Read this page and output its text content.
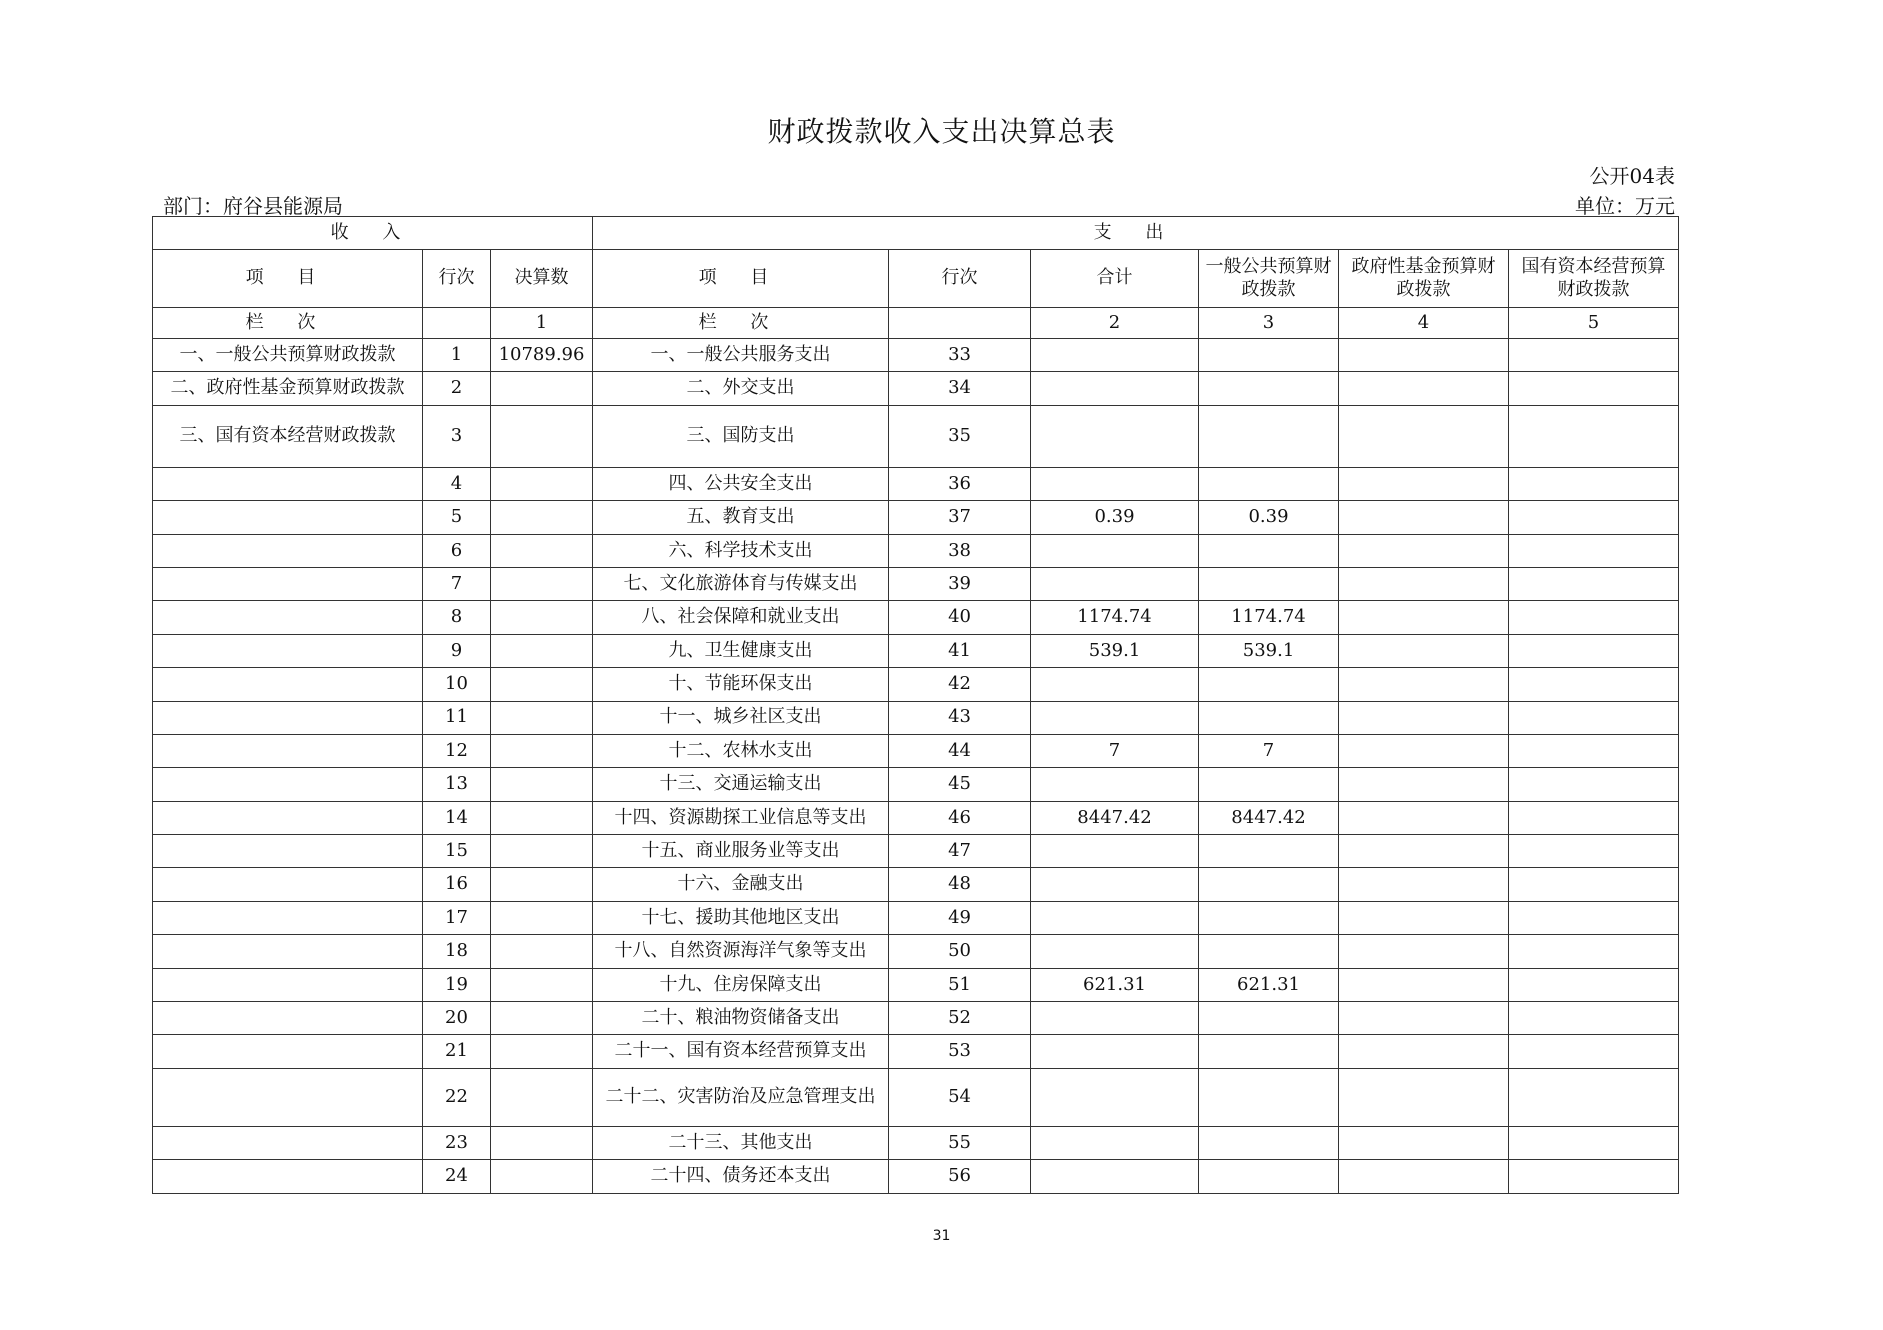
财政拨款收入支出决算总表
公开04表
部门：府谷县能源局	单位：万元
收 入			支 出					
项 目	行次	决算数	项 目	行次	合计	一般公共预算财政拨款	政府性基金预算财政拨款	国有资本经营预算财政拨款
栏 次		1	栏 次		2	3	4	5
一、一般公共预算财政拨款	1	10789.96	一、一般公共服务支出	33				
二、政府性基金预算财政拨款	2		二、外交支出	34				
三、国有资本经营财政拨款	3		三、国防支出	35				
	4		四、公共安全支出	36				
	5		五、教育支出	37	0.39	0.39		
	6		六、科学技术支出	38				
	7		七、文化旅游体育与传媒支出	39				
	8		八、社会保障和就业支出	40	1174.74	1174.74		
	9		九、卫生健康支出	41	539.1	539.1		
	10		十、节能环保支出	42				
	11		十一、城乡社区支出	43				
	12		十二、农林水支出	44	7	7		
	13		十三、交通运输支出	45				
	14		十四、资源勘探工业信息等支出	46	8447.42	8447.42		
	15		十五、商业服务业等支出	47				
	16		十六、金融支出	48				
	17		十七、援助其他地区支出	49				
	18		十八、自然资源海洋气象等支出	50				
	19		十九、住房保障支出	51	621.31	621.31		
	20		二十、粮油物资储备支出	52				
	21		二十一、国有资本经营预算支出	53				
	22		二十二、灾害防治及应急管理支出	54				
	23		二十三、其他支出	55				
	24		二十四、债务还本支出	56				
31
